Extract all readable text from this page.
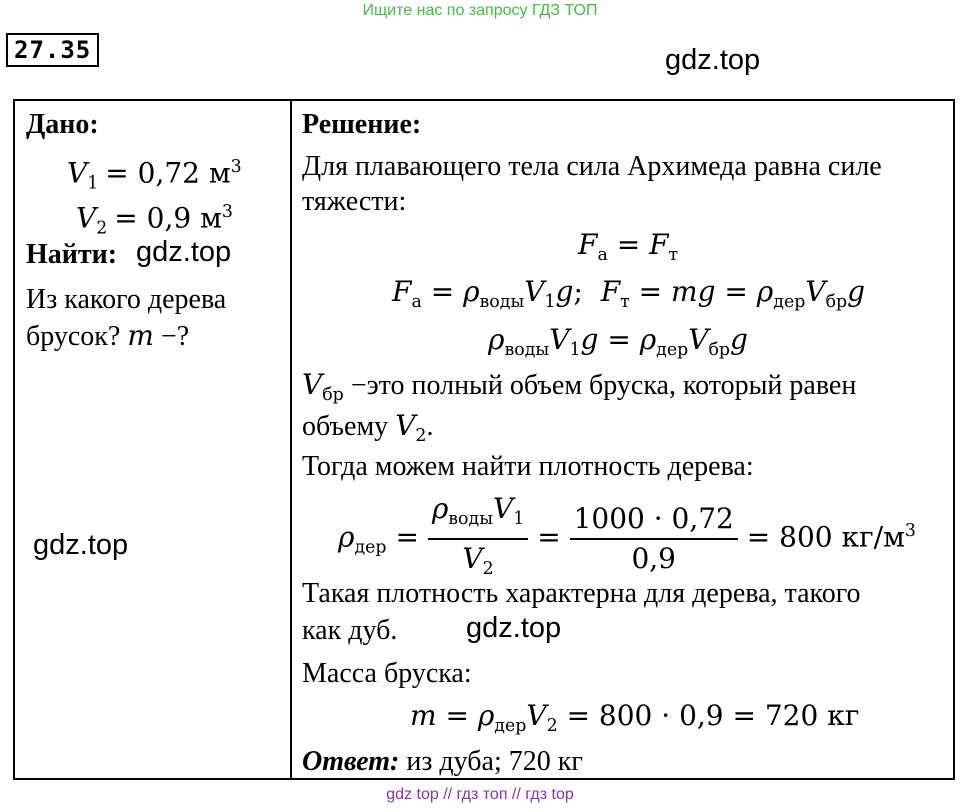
Ищите нас по запросу ГДЗ ТОП
27.35	gdz.top
Дано:
$V_1 = 0,72$ $м^3$
$V_2 = 0,9$ $м^3$
Найти: gdz.top
Из какого дерева
брусок? m −?
gdz.top
Решение:
Для плавающего тела сила Архимеда равна силе
тяжести:
$F_а = F_т$
$F_а = \rho_{воды}V_1g$;  $F_т$ = mg = $\rho_{дер}V_{бр}g$
$\rho_{воды}V_1g = \rho_{дер}V_{бр}g$
$V_{бр} -это$ полный объем бруска, который равен
объему $V_2$.
Тогда можем найти плотность дерева:
$\rho_{дер} = \frac{\rho_{воды}V_1}{V_2} = \frac{1000 \cdot 0,72}{0,9} = 800$ $кг/м^3$
Такая плотность характерна для дерева, такого
как дуб. gdz.top
Масса бруска:
$m = \rho_{дер}V_2 = 800 \cdot 0,9 = 720$ кг
Ответ: из дуба; 720 кг
gdz top // гдз топ // гдз top
